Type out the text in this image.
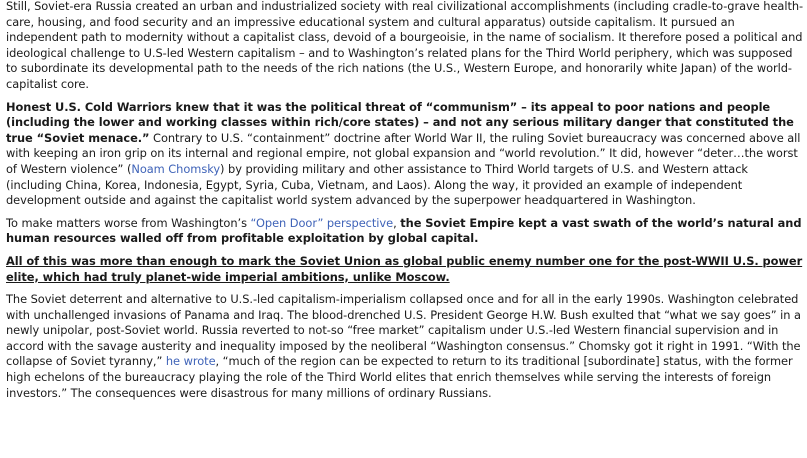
Still, Soviet-era Russia created an urban and industrialized society with real civilizational accomplishments (including cradle-to-grave health-care, housing, and food security and an impressive educational system and cultural apparatus) outside capitalism. It pursued an independent path to modernity without a capitalist class, devoid of a bourgeoisie, in the name of socialism. It therefore posed a political and ideological challenge to U.S-led Western capitalism – and to Washington’s related plans for the Third World periphery, which was supposed to subordinate its developmental path to the needs of the rich nations (the U.S., Western Europe, and honorarily white Japan) of the world-capitalist core.

Honest U.S. Cold Warriors knew that it was the political threat of “communism” – its appeal to poor nations and people (including the lower and working classes within rich/core states) – and not any serious military danger that constituted the true “Soviet menace.” Contrary to U.S. “containment” doctrine after World War II, the ruling Soviet bureaucracy was concerned above all with keeping an iron grip on its internal and regional empire, not global expansion and “world revolution.” It did, however “deter…the worst of Western violence” (Noam Chomsky) by providing military and other assistance to Third World targets of U.S. and Western attack (including China, Korea, Indonesia, Egypt, Syria, Cuba, Vietnam, and Laos). Along the way, it provided an example of independent development outside and against the capitalist world system advanced by the superpower headquartered in Washington.

To make matters worse from Washington’s “Open Door” perspective, the Soviet Empire kept a vast swath of the world’s natural and human resources walled off from profitable exploitation by global capital.

All of this was more than enough to mark the Soviet Union as global public enemy number one for the post-WWII U.S. power elite, which had truly planet-wide imperial ambitions, unlike Moscow.

The Soviet deterrent and alternative to U.S.-led capitalism-imperialism collapsed once and for all in the early 1990s. Washington celebrated with unchallenged invasions of Panama and Iraq. The blood-drenched U.S. President George H.W. Bush exulted that “what we say goes” in a newly unipolar, post-Soviet world. Russia reverted to not-so “free market” capitalism under U.S.-led Western financial supervision and in accord with the savage austerity and inequality imposed by the neoliberal “Washington consensus.” Chomsky got it right in 1991. “With the collapse of Soviet tyranny,” he wrote, “much of the region can be expected to return to its traditional [subordinate] status, with the former high echelons of the bureaucracy playing the role of the Third World elites that enrich themselves while serving the interests of foreign investors.” The consequences were disastrous for many millions of ordinary Russians.
